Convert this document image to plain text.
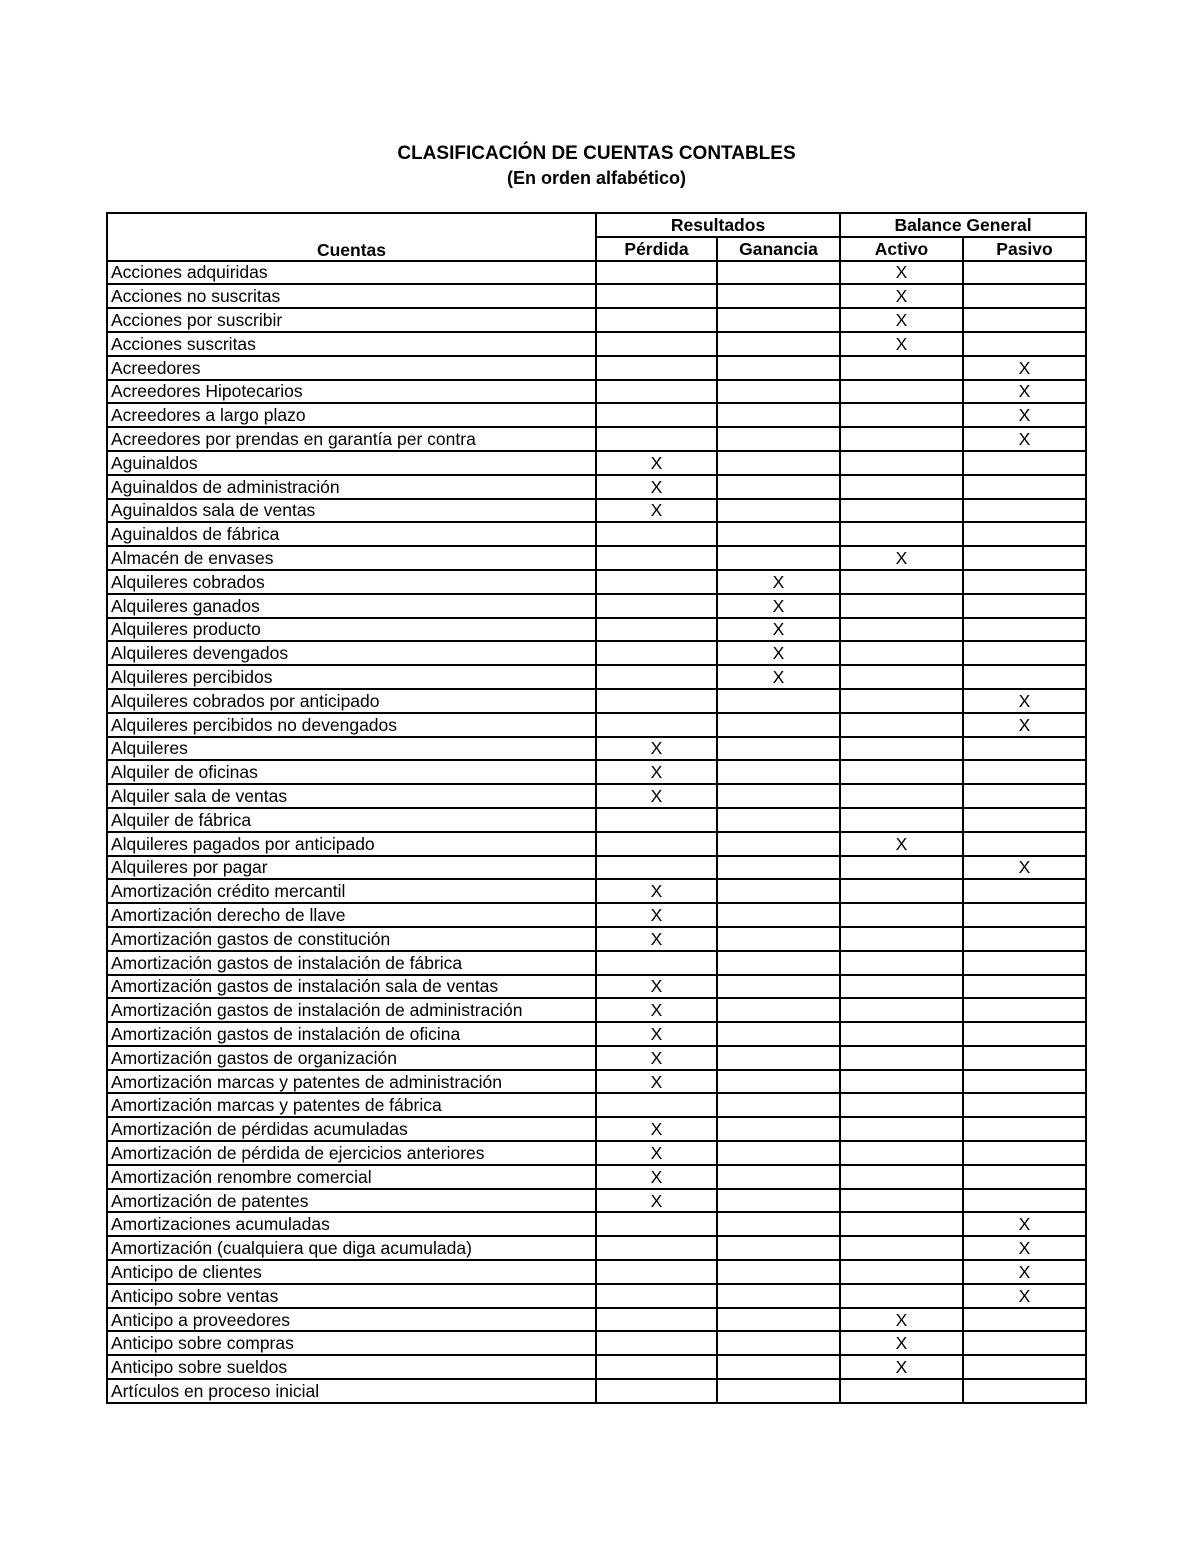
CLASIFICACIÓN DE CUENTAS CONTABLES

(En orden alfabético)

Cuentas	Resultados		Balance General	
	Pérdida	Ganancia	Activo	Pasivo
Acciones adquiridas			X	
Acciones no suscritas			X	
Acciones por suscribir			X	
Acciones suscritas			X	
Acreedores				X
Acreedores Hipotecarios				X
Acreedores a largo plazo				X
Acreedores por prendas en garantía per contra				X
Aguinaldos	X			
Aguinaldos de administración	X			
Aguinaldos sala de ventas	X			
Aguinaldos de fábrica				
Almacén de envases			X	
Alquileres cobrados		X		
Alquileres ganados		X		
Alquileres producto		X		
Alquileres devengados		X		
Alquileres percibidos		X		
Alquileres cobrados por anticipado				X
Alquileres percibidos no devengados				X
Alquileres	X			
Alquiler de oficinas	X			
Alquiler sala de ventas	X			
Alquiler de fábrica				
Alquileres pagados por anticipado			X	
Alquileres por pagar				X
Amortización crédito mercantil	X			
Amortización derecho de llave	X			
Amortización gastos de constitución	X			
Amortización gastos de instalación de fábrica				
Amortización gastos de instalación sala de ventas	X			
Amortización gastos de instalación de administración	X			
Amortización gastos de instalación de oficina	X			
Amortización gastos de organización	X			
Amortización marcas y patentes de administración	X			
Amortización marcas y patentes de fábrica				
Amortización de pérdidas acumuladas	X			
Amortización de pérdida de ejercicios anteriores	X			
Amortización renombre comercial	X			
Amortización de patentes	X			
Amortizaciones acumuladas				X
Amortización (cualquiera que diga acumulada)				X
Anticipo de clientes				X
Anticipo sobre ventas				X
Anticipo a proveedores			X	
Anticipo sobre compras			X	
Anticipo sobre sueldos			X	
Artículos en proceso inicial				
